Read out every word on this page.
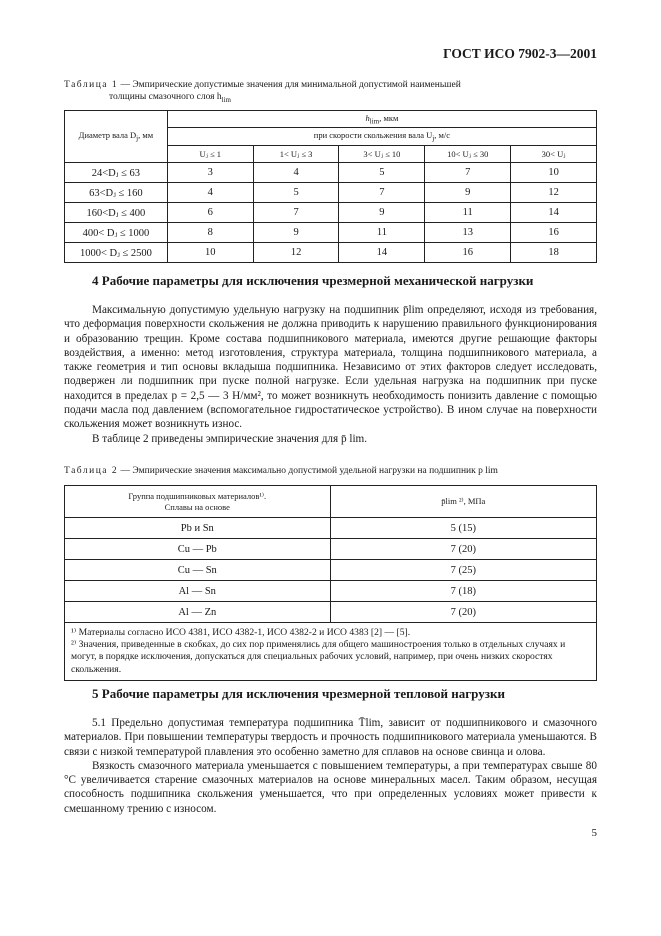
ГОСТ ИСО 7902-3—2001
Таблица 1 — Эмпирические допустимые значения для минимальной допустимой наименьшей
толщины смазочного слоя $h_{lim}$
Диаметр вала $D_j$, мм	$h_{lim}$, мкм				
	при скорости скольжения вала $U_j$, м/с				
	Uⱼ ≤ 1	1< Uⱼ ≤ 3	3< Uⱼ ≤ 10	10< Uⱼ ≤ 30	30< Uⱼ
24<Dⱼ ≤ 63	3	4	5	7	10
63<Dⱼ ≤ 160	4	5	7	9	12
160<Dⱼ ≤ 400	6	7	9	11	14
400< Dⱼ ≤ 1000	8	9	11	13	16
1000< Dⱼ ≤ 2500	10	12	14	16	18
4 Рабочие параметры для исключения чрезмерной механической нагрузки

Максимальную допустимую удельную нагрузку на подшипник p̄lim определяют, исходя из требования, что деформация поверхности скольжения не должна приводить к нарушению правильного функционирования и образованию трещин. Кроме состава подшипникового материала, имеются другие решающие факторы воздействия, а именно: метод изготовления, структура материала, толщина подшипникового материала, а также геометрия и тип основы вкладыша подшипника. Независимо от этих факторов следует исследовать, подвержен ли подшипник при пуске полной нагрузке. Если удельная нагрузка на подшипник при пуске находится в пределах p = 2,5 — 3 Н/мм², то может возникнуть необходимость понизить давление с помощью подачи масла под давлением (вспомогательное гидростатическое устройство). В ином случае на поверхности скольжения может возникнуть износ.

В таблице 2 приведены эмпирические значения для p̄ lim.

Таблица 2 — Эмпирические значения максимально допустимой удельной нагрузки на подшипник p lim
Группа подшипниковых материалов¹⁾.
Сплавы на основе	p̄lim ²⁾, МПа
Pb и Sn	5 (15)
Cu — Pb	7 (20)
Cu — Sn	7 (25)
Al — Sn	7 (18)
Al — Zn	7 (20)

¹⁾ Материалы согласно ИСО 4381, ИСО 4382-1, ИСО 4382-2 и ИСО 4383 [2] — [5].

²⁾ Значения, приведенные в скобках, до сих пор применялись для общего машиностроения только в отдельных случаях и могут, в порядке исключения, допускаться для специальных рабочих условий, например, при очень низких скоростях скольжения.	

5 Рабочие параметры для исключения чрезмерной тепловой нагрузки

5.1 Предельно допустимая температура подшипника T̄lim, зависит от подшипникового и смазочного материалов. При повышении температуры твердость и прочность подшипникового материала уменьшаются. В связи с низкой температурой плавления это особенно заметно для сплавов на основе свинца и олова.

Вязкость смазочного материала уменьшается с повышением температуры, а при температурах свыше 80 °С увеличивается старение смазочных материалов на основе минеральных масел. Таким образом, несущая способность подшипника скольжения уменьшается, что при определенных условиях может привести к смешанному трению с износом.

5
